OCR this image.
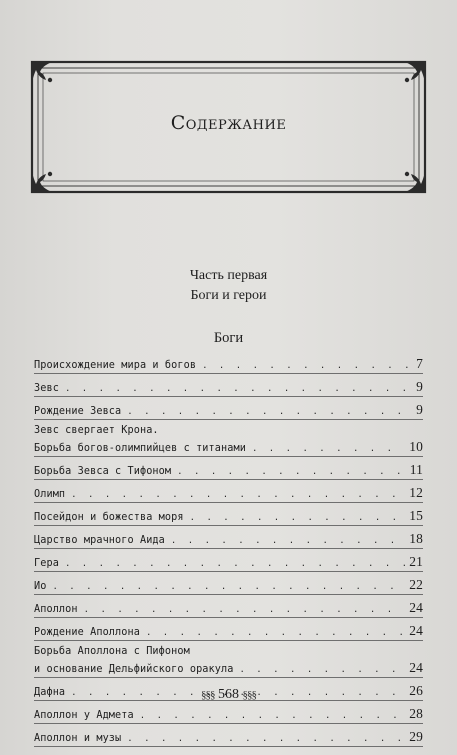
Содержание
Часть первая
Боги и герои
Боги
Происхождение мира и богов . . .	7
Зевс . . .	9
Рождение Зевса . . .	9
Зевс свергает Крона.
Борьба богов-олимпийцев с титанами . . .	10
Борьба Зевса с Тифоном . . .	11
Олимп . . .	12
Посейдон и божества моря . . .	15
Царство мрачного Аида . . .	18
Гера . . .	21
Ио . . .	22
Аполлон . . .	24
Рождение Аполлона . . .	24
Борьба Аполлона с Пифоном
и основание Дельфийского оракула . . .	24
Дафна . . .	26
Аполлон у Адмета . . .	28
Аполлон и музы . . .	29
§§§ 568 §§§
